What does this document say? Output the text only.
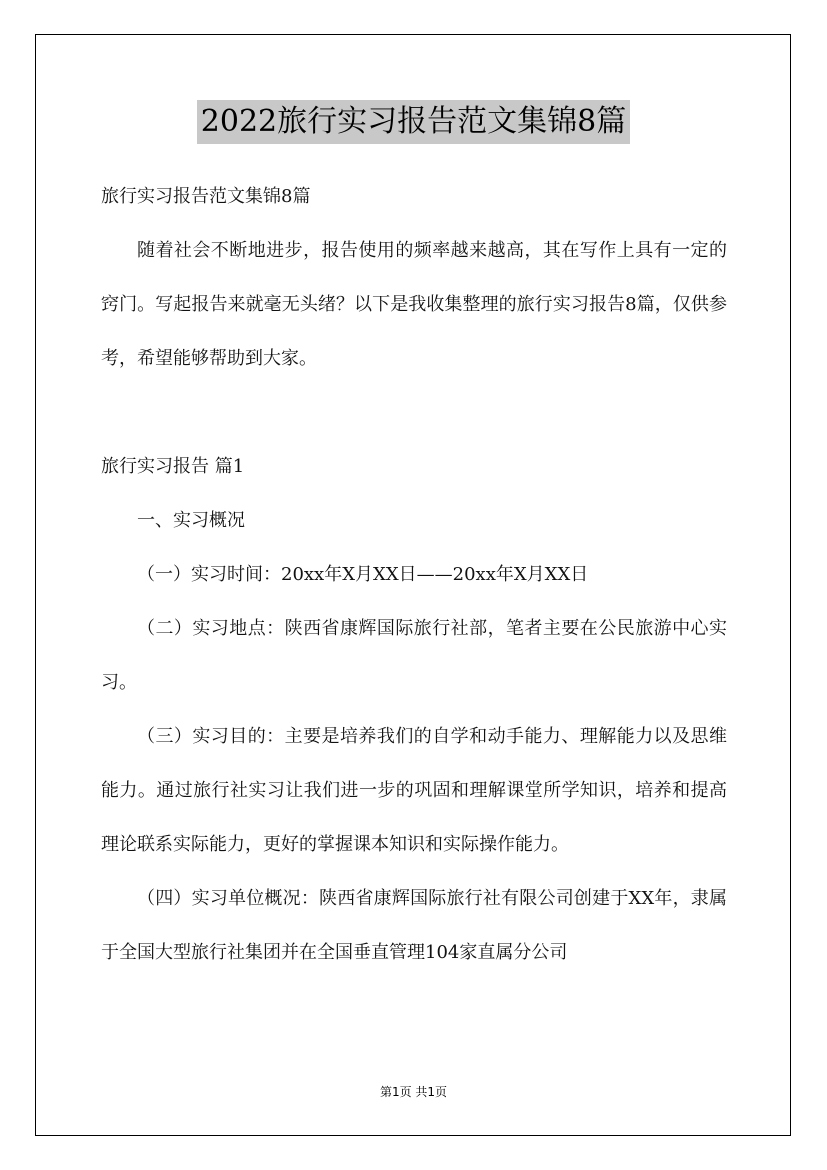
2022旅行实习报告范文集锦8篇

旅行实习报告范文集锦8篇

随着社会不断地进步，报告使用的频率越来越高，其在写作上具有一定的窍门。写起报告来就毫无头绪？以下是我收集整理的旅行实习报告8篇，仅供参考，希望能够帮助到大家。

旅行实习报告 篇1

一、实习概况

（一）实习时间：20xx年X月XX日——20xx年X月XX日

（二）实习地点：陕西省康辉国际旅行社部，笔者主要在公民旅游中心实习。

（三）实习目的：主要是培养我们的自学和动手能力、理解能力以及思维能力。通过旅行社实习让我们进一步的巩固和理解课堂所学知识，培养和提高理论联系实际能力，更好的掌握课本知识和实际操作能力。

（四）实习单位概况：陕西省康辉国际旅行社有限公司创建于XX年，隶属于全国大型旅行社集团并在全国垂直管理104家直属分公司

第1页 共1页
